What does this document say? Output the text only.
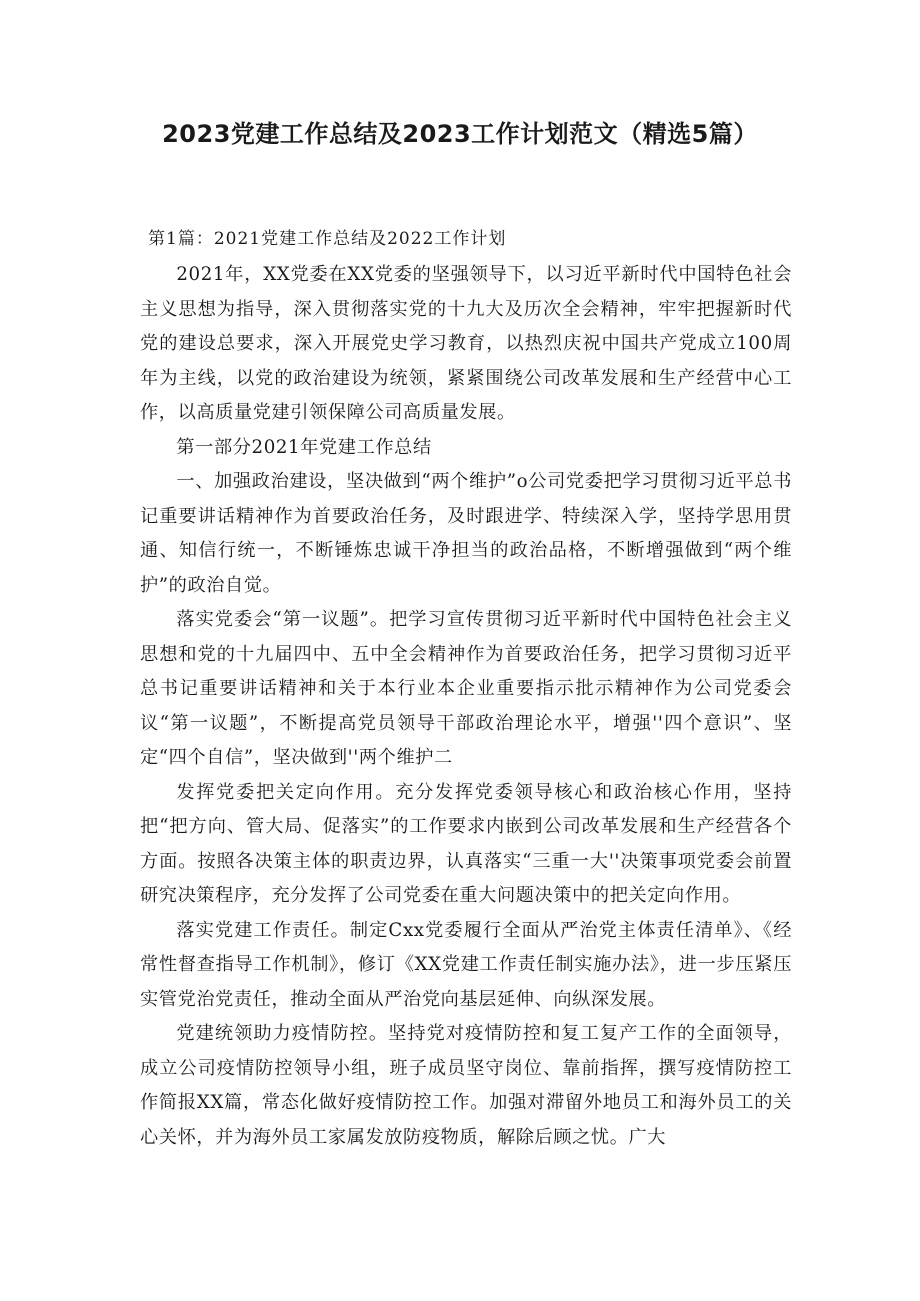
2023党建工作总结及2023工作计划范文（精选5篇）

第1篇：2021党建工作总结及2022工作计划

2021年，XX党委在XX党委的坚强领导下，以习近平新时代中国特色社会主义思想为指导，深入贯彻落实党的十九大及历次全会精神，牢牢把握新时代党的建设总要求，深入开展党史学习教育，以热烈庆祝中国共产党成立100周年为主线，以党的政治建设为统领，紧紧围绕公司改革发展和生产经营中心工作，以高质量党建引领保障公司高质量发展。

第一部分2021年党建工作总结

一、加强政治建设，坚决做到“两个维护”o公司党委把学习贯彻习近平总书记重要讲话精神作为首要政治任务，及时跟进学、特续深入学，坚持学思用贯通、知信行统一，不断锤炼忠诚干净担当的政治品格，不断增强做到“两个维护”的政治自觉。

落实党委会“第一议题”。把学习宣传贯彻习近平新时代中国特色社会主义思想和党的十九届四中、五中全会精神作为首要政治任务，把学习贯彻习近平总书记重要讲话精神和关于本行业本企业重要指示批示精神作为公司党委会议“第一议题”，不断提高党员领导干部政治理论水平，增强''四个意识”、坚定“四个自信”，坚决做到''两个维护二

发挥党委把关定向作用。充分发挥党委领导核心和政治核心作用，坚持把“把方向、管大局、促落实”的工作要求内嵌到公司改革发展和生产经营各个方面。按照各决策主体的职责边界，认真落实“三重一大''决策事项党委会前置研究决策程序，充分发挥了公司党委在重大问题决策中的把关定向作用。

落实党建工作责任。制定Cxx党委履行全面从严治党主体责任清单》、《经常性督查指导工作机制》，修订《XX党建工作责任制实施办法》，进一步压紧压实管党治党责任，推动全面从严治党向基层延伸、向纵深发展。

党建统领助力疫情防控。坚持党对疫情防控和复工复产工作的全面领导，成立公司疫情防控领导小组，班子成员坚守岗位、靠前指挥，撰写疫情防控工作简报XX篇，常态化做好疫情防控工作。加强对滞留外地员工和海外员工的关心关怀，并为海外员工家属发放防疫物质，解除后顾之忧。广大
